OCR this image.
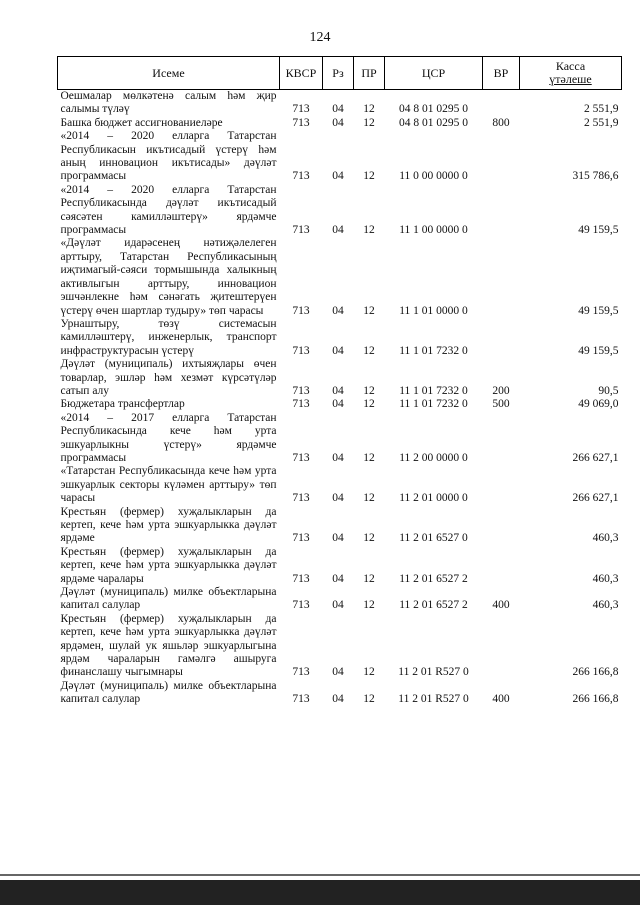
124
Исеме	КВСР	Рз	ПР	ЦСР	ВР	Касса
үтәлеше

Оешмалар мөлкәтенә салым һәм җир салымы түләү	713	04	12	04 8 01 0295 0		2 551,9
Башка бюджет ассигнованиеләре	713	04	12	04 8 01 0295 0	800	2 551,9
«2014 – 2020 елларга Татарстан Республикасын икътисадый үстерү һәм аның инновацион икътисады» дәүләт программасы	713	04	12	11 0 00 0000 0		315 786,6
«2014 – 2020 елларга Татарстан Республикасында дәүләт икътисадый сәясәтен камилләштерү» ярдәмче программасы	713	04	12	11 1 00 0000 0		49 159,5
«Дәүләт идарәсенең нәтиҗәлелеген арттыру, Татарстан Республикасының иҗтимагый-сәяси тормышында халыкның активлыгын арттыру, инновацион эшчәнлекне һәм сәнәгать җитештерүен үстерү өчен шартлар тудыру» төп чарасы	713	04	12	11 1 01 0000 0		49 159,5
Урнаштыру, төзү системасын камилләштерү, инженерлык, транспорт инфраструктурасын үстерү	713	04	12	11 1 01 7232 0		49 159,5
Дәүләт (муниципаль) ихтыяҗлары өчен товарлар, эшләр һәм хезмәт күрсәтүләр сатып алу	713	04	12	11 1 01 7232 0	200	90,5
Бюджетара трансфертлар	713	04	12	11 1 01 7232 0	500	49 069,0
«2014 – 2017 елларга Татарстан Республикасында кече һәм урта эшкуарлыкны үстерү» ярдәмче программасы	713	04	12	11 2 00 0000 0		266 627,1
«Татарстан Республикасында кече һәм урта эшкуарлык секторы күләмен арттыру» төп чарасы	713	04	12	11 2 01 0000 0		266 627,1
Крестьян (фермер) хуҗалыкларын да кертеп, кече һәм урта эшкуарлыкка дәүләт ярдәме	713	04	12	11 2 01 6527 0		460,3
Крестьян (фермер) хуҗалыкларын да кертеп, кече һәм урта эшкуарлыкка дәүләт ярдәме чаралары	713	04	12	11 2 01 6527 2		460,3
Дәүләт (муниципаль) милке объектларына капитал салулар	713	04	12	11 2 01 6527 2	400	460,3
Крестьян (фермер) хуҗалыкларын да кертеп, кече һәм урта эшкуарлыкка дәүләт ярдәмен, шулай ук яшьләр эшкуарлыгына ярдәм чараларын гамәлгә ашыруга финанслашу чыгымнары	713	04	12	11 2 01 R527 0		266 166,8
Дәүләт (муниципаль) милке объектларына капитал салулар	713	04	12	11 2 01 R527 0	400	266 166,8
